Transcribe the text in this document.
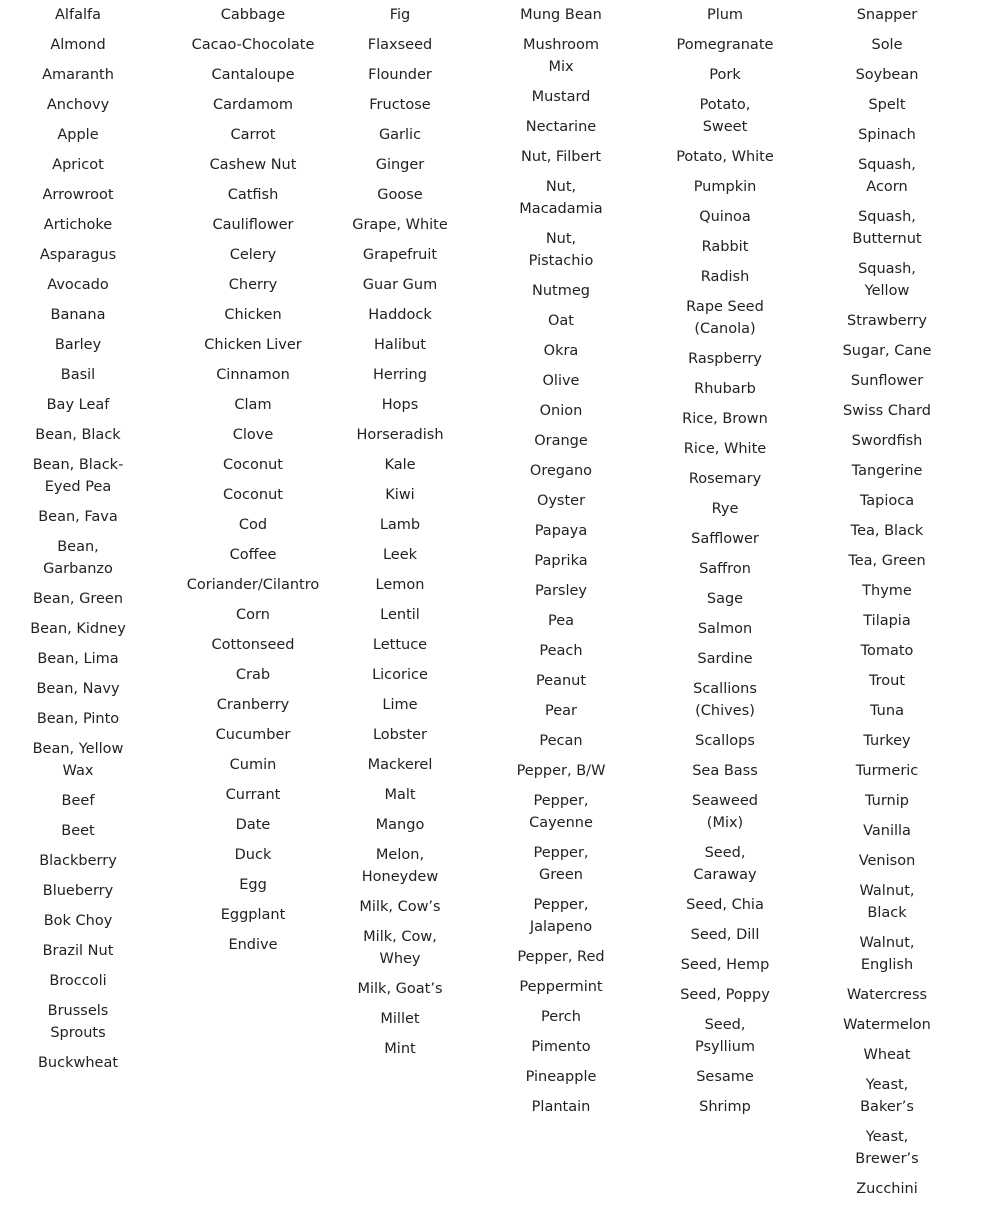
Alfalfa
Almond
Amaranth
Anchovy
Apple
Apricot
Arrowroot
Artichoke
Asparagus
Avocado
Banana
Barley
Basil
Bay Leaf
Bean, Black
Bean, Black-
Eyed Pea
Bean, Fava
Bean,
Garbanzo
Bean, Green
Bean, Kidney
Bean, Lima
Bean, Navy
Bean, Pinto
Bean, Yellow
Wax
Beef
Beet
Blackberry
Blueberry
Bok Choy
Brazil Nut
Broccoli
Brussels
Sprouts
Buckwheat
Cabbage
Cacao-Chocolate
Cantaloupe
Cardamom
Carrot
Cashew Nut
Catfish
Cauliflower
Celery
Cherry
Chicken
Chicken Liver
Cinnamon
Clam
Clove
Coconut
Coconut
Cod
Coffee
Coriander/Cilantro
Corn
Cottonseed
Crab
Cranberry
Cucumber
Cumin
Currant
Date
Duck
Egg
Eggplant
Endive
Fig
Flaxseed
Flounder
Fructose
Garlic
Ginger
Goose
Grape, White
Grapefruit
Guar Gum
Haddock
Halibut
Herring
Hops
Horseradish
Kale
Kiwi
Lamb
Leek
Lemon
Lentil
Lettuce
Licorice
Lime
Lobster
Mackerel
Malt
Mango
Melon,
Honeydew
Milk, Cow’s
Milk, Cow,
Whey
Milk, Goat’s
Millet
Mint
Mung Bean
Mushroom
Mix
Mustard
Nectarine
Nut, Filbert
Nut,
Macadamia
Nut,
Pistachio
Nutmeg
Oat
Okra
Olive
Onion
Orange
Oregano
Oyster
Papaya
Paprika
Parsley
Pea
Peach
Peanut
Pear
Pecan
Pepper, B/W
Pepper,
Cayenne
Pepper,
Green
Pepper,
Jalapeno
Pepper, Red
Peppermint
Perch
Pimento
Pineapple
Plantain
Plum
Pomegranate
Pork
Potato,
Sweet
Potato, White
Pumpkin
Quinoa
Rabbit
Radish
Rape Seed
(Canola)
Raspberry
Rhubarb
Rice, Brown
Rice, White
Rosemary
Rye
Safflower
Saffron
Sage
Salmon
Sardine
Scallions
(Chives)
Scallops
Sea Bass
Seaweed
(Mix)
Seed,
Caraway
Seed, Chia
Seed, Dill
Seed, Hemp
Seed, Poppy
Seed,
Psyllium
Sesame
Shrimp
Snapper
Sole
Soybean
Spelt
Spinach
Squash,
Acorn
Squash,
Butternut
Squash,
Yellow
Strawberry
Sugar, Cane
Sunflower
Swiss Chard
Swordfish
Tangerine
Tapioca
Tea, Black
Tea, Green
Thyme
Tilapia
Tomato
Trout
Tuna
Turkey
Turmeric
Turnip
Vanilla
Venison
Walnut,
Black
Walnut,
English
Watercress
Watermelon
Wheat
Yeast,
Baker’s
Yeast,
Brewer’s
Zucchini
